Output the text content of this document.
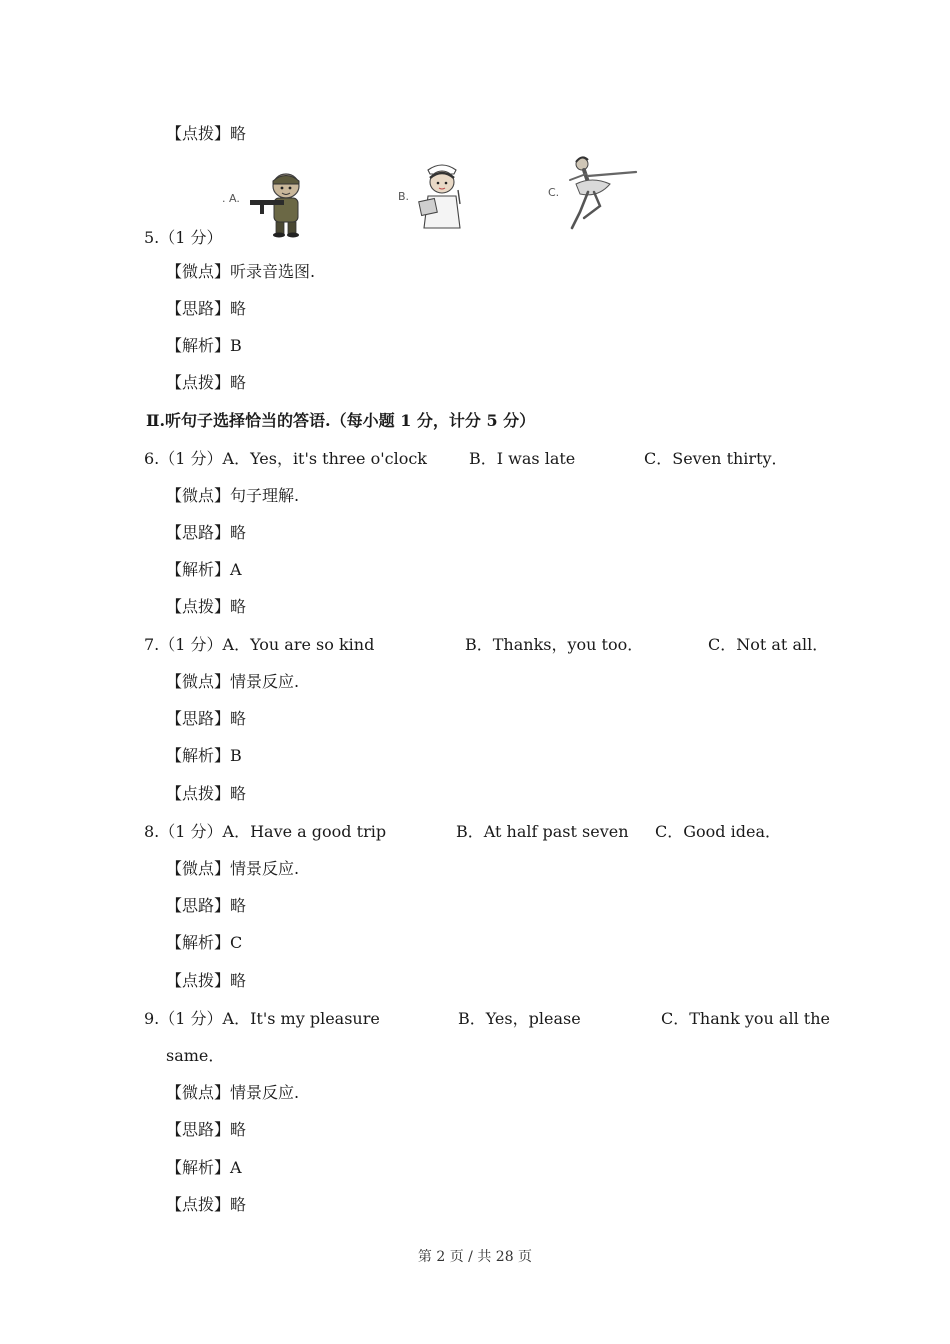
【点拨】略
. A.	B.	C.
5.（1 分）
【微点】听录音选图.
【思路】略
【解析】B
【点拨】略
Ⅱ.听句子选择恰当的答语.（每小题 1 分，计分 5 分）
6.（1 分）A．Yes，it's three o'clock	B．I was late	C．Seven thirty．
【微点】句子理解.
【思路】略
【解析】A
【点拨】略
7.（1 分）A．You are so kind	B．Thanks，you too．	C．Not at all．
【微点】情景反应.
【思路】略
【解析】B
【点拨】略
8.（1 分）A．Have a good trip	B．At half past seven C．Good idea．
【微点】情景反应.
【思路】略
【解析】C
【点拨】略
9.（1 分）A．It's my pleasure	B．Yes，please	C．Thank you all the
same．
【微点】情景反应.
【思路】略
【解析】A
【点拨】略
第 2 页 / 共 28 页
